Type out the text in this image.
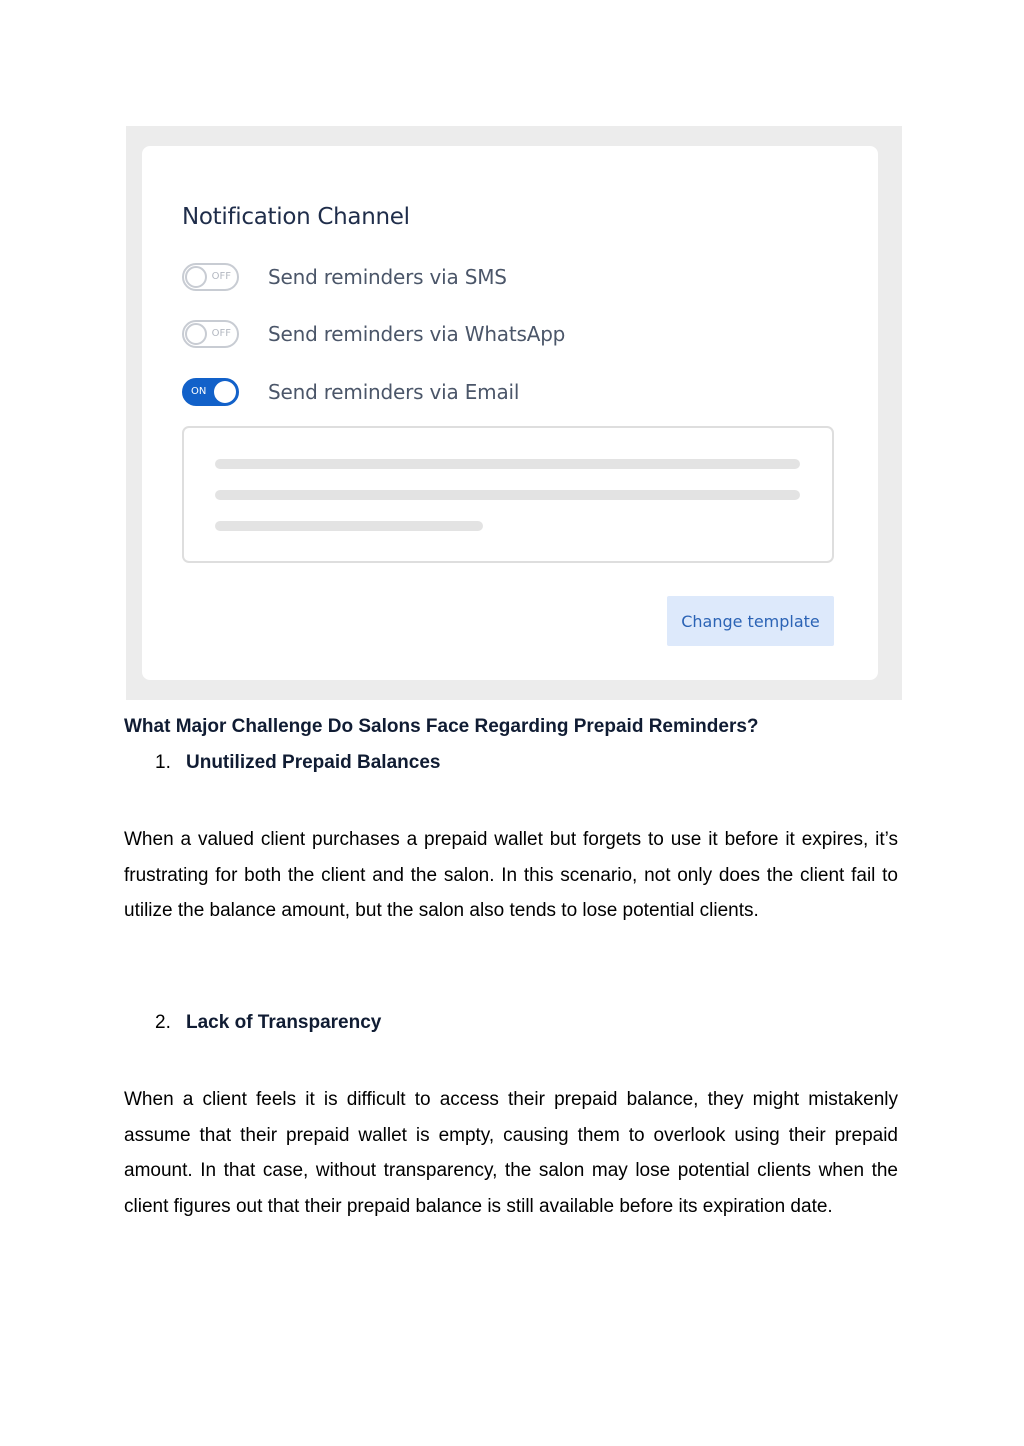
Notification Channel
OFF Send reminders via SMS
OFF Send reminders via WhatsApp
ON	Send reminders via Email
Change template
What Major Challenge Do Salons Face Regarding Prepaid Reminders?
1. Unutilized Prepaid Balances

When a valued client purchases a prepaid wallet but forgets to use it before it expires, it’s frustrating for both the client and the salon. In this scenario, not only does the client fail to utilize the balance amount, but the salon also tends to lose potential clients.

2. Lack of Transparency

When a client feels it is difficult to access their prepaid balance, they might mistakenly assume that their prepaid wallet is empty, causing them to overlook using their prepaid amount. In that case, without transparency, the salon may lose potential clients when the client figures out that their prepaid balance is still available before its expiration date.
